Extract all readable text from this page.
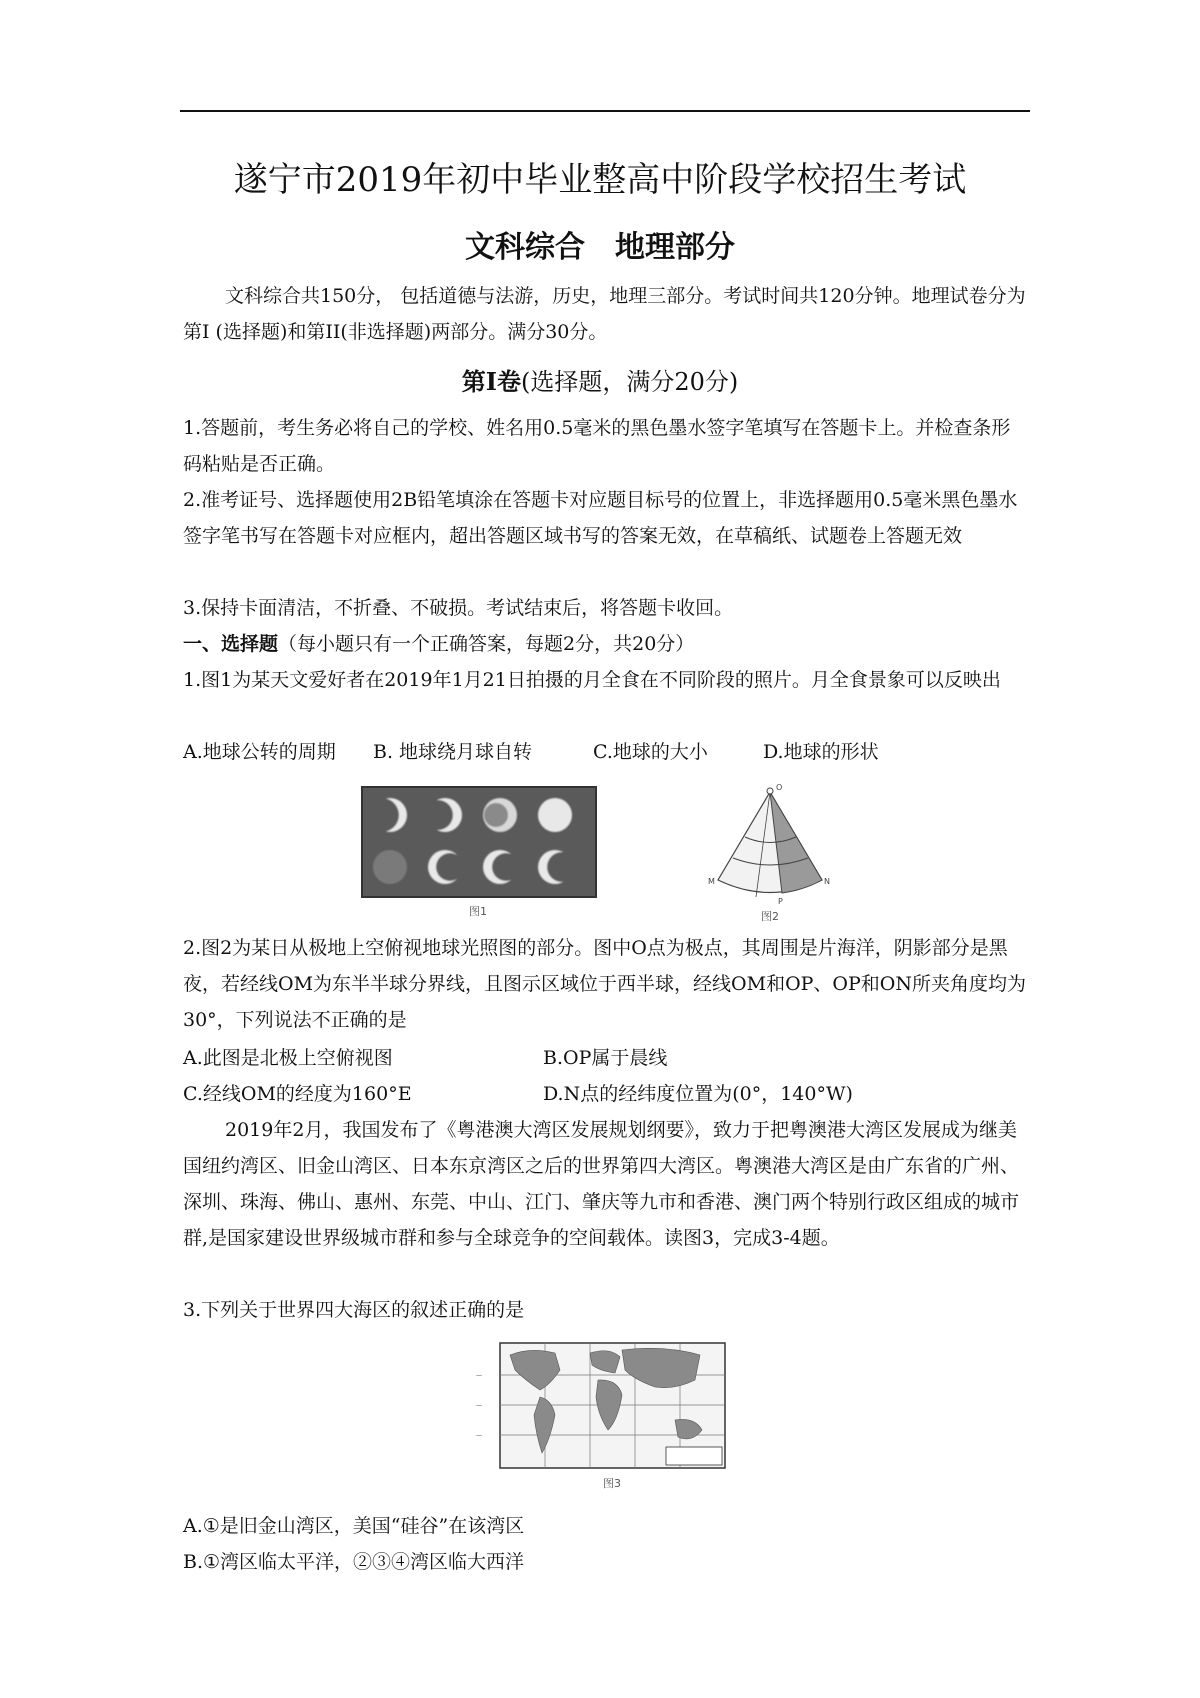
遂宁市2019年初中毕业整高中阶段学校招生考试
文科综合　地理部分
文科综合共150分， 包括道德与法游，历史，地理三部分。考试时间共120分钟。地理试卷分为第Ⅰ (选择题)和第II(非选择题)两部分。满分30分。
第Ⅰ卷(选择题，满分20分)
1.答题前，考生务必将自己的学校、姓名用0.5毫米的黑色墨水签字笔填写在答题卡上。并检查条形码粘贴是否正确。
2.准考证号、选择题使用2B铅笔填涂在答题卡对应题目标号的位置上，非选择题用0.5毫米黑色墨水签字笔书写在答题卡对应框内，超出答题区域书写的答案无效，在草稿纸、试题卷上答题无效
3.保持卡面清洁，不折叠、不破损。考试结束后，将答题卡收回。
一、选择题（每小题只有一个正确答案，每题2分，共20分）
1.图1为某天文爱好者在2019年1月21日拍摄的月全食在不同阶段的照片。月全食景象可以反映出
A.地球公转的周期 B. 地球绕月球自转	C.地球的大小	D.地球的形状
图1
O
M	N
P
图2
2.图2为某日从极地上空俯视地球光照图的部分。图中O点为极点，其周围是片海洋，阴影部分是黑夜，若经线OM为东半半球分界线，且图示区域位于西半球，经线OM和OP、OP和ON所夹角度均为30°，下列说法不正确的是
A.此图是北极上空俯视图	B.OP属于晨线
C.经线OM的经度为160°E	D.N点的经纬度位置为(0°，140°W)
2019年2月，我国发布了《粤港澳大湾区发展规划纲要》，致力于把粤澳港大湾区发展成为继美国纽约湾区、旧金山湾区、日本东京湾区之后的世界第四大湾区。粤澳港大湾区是由广东省的广州、深圳、珠海、佛山、惠州、东莞、中山、江门、肇庆等九市和香港、澳门两个特别行政区组成的城市群,是国家建设世界级城市群和参与全球竞争的空间载体。读图3，完成3-4题。
3.下列关于世界四大海区的叙述正确的是
—
—
—
图3
A.①是旧金山湾区，美国“硅谷”在该湾区
B.①湾区临太平洋，②③④湾区临大西洋
